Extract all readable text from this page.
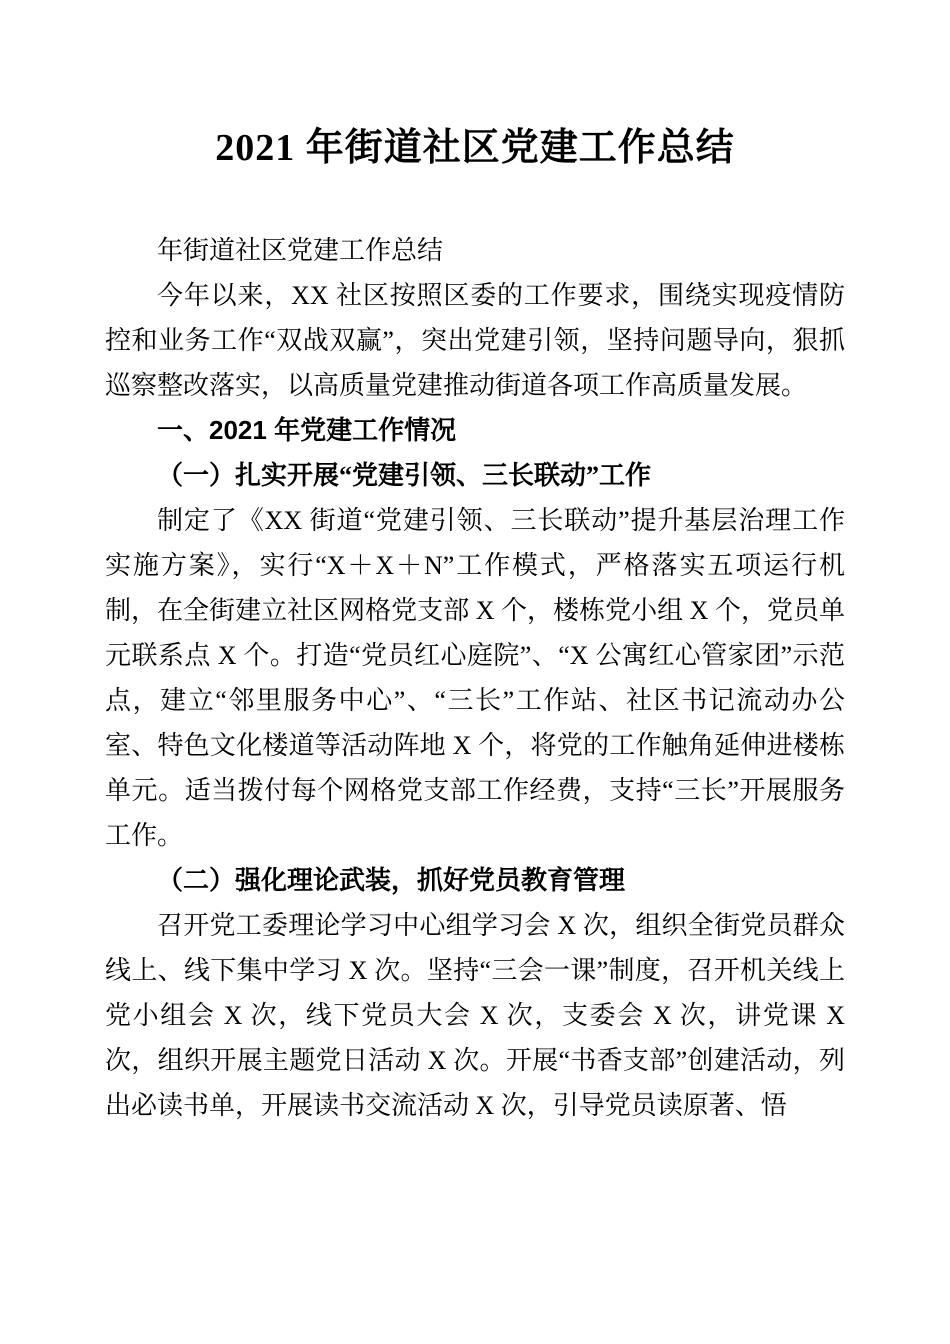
2021 年街道社区党建工作总结

年街道社区党建工作总结

今年以来，XX 社区按照区委的工作要求，围绕实现疫情防控和业务工作“双战双赢”，突出党建引领，坚持问题导向，狠抓巡察整改落实，以高质量党建推动街道各项工作高质量发展。

一、2021 年党建工作情况

（一）扎实开展“党建引领、三长联动”工作

制定了《XX 街道“党建引领、三长联动”提升基层治理工作实施方案》，实行“X＋X＋N”工作模式，严格落实五项运行机制，在全街建立社区网格党支部 X 个，楼栋党小组 X 个，党员单元联系点 X 个。打造“党员红心庭院”、“X 公寓红心管家团”示范点，建立“邻里服务中心”、“三长”工作站、社区书记流动办公室、特色文化楼道等活动阵地 X 个，将党的工作触角延伸进楼栋单元。适当拨付每个网格党支部工作经费，支持“三长”开展服务工作。

（二）强化理论武装，抓好党员教育管理

召开党工委理论学习中心组学习会 X 次，组织全街党员群众线上、线下集中学习 X 次。坚持“三会一课”制度，召开机关线上党小组会 X 次，线下党员大会 X 次，支委会 X 次，讲党课 X 次，组织开展主题党日活动 X 次。开展“书香支部”创建活动，列出必读书单，开展读书交流活动 X 次，引导党员读原著、悟
